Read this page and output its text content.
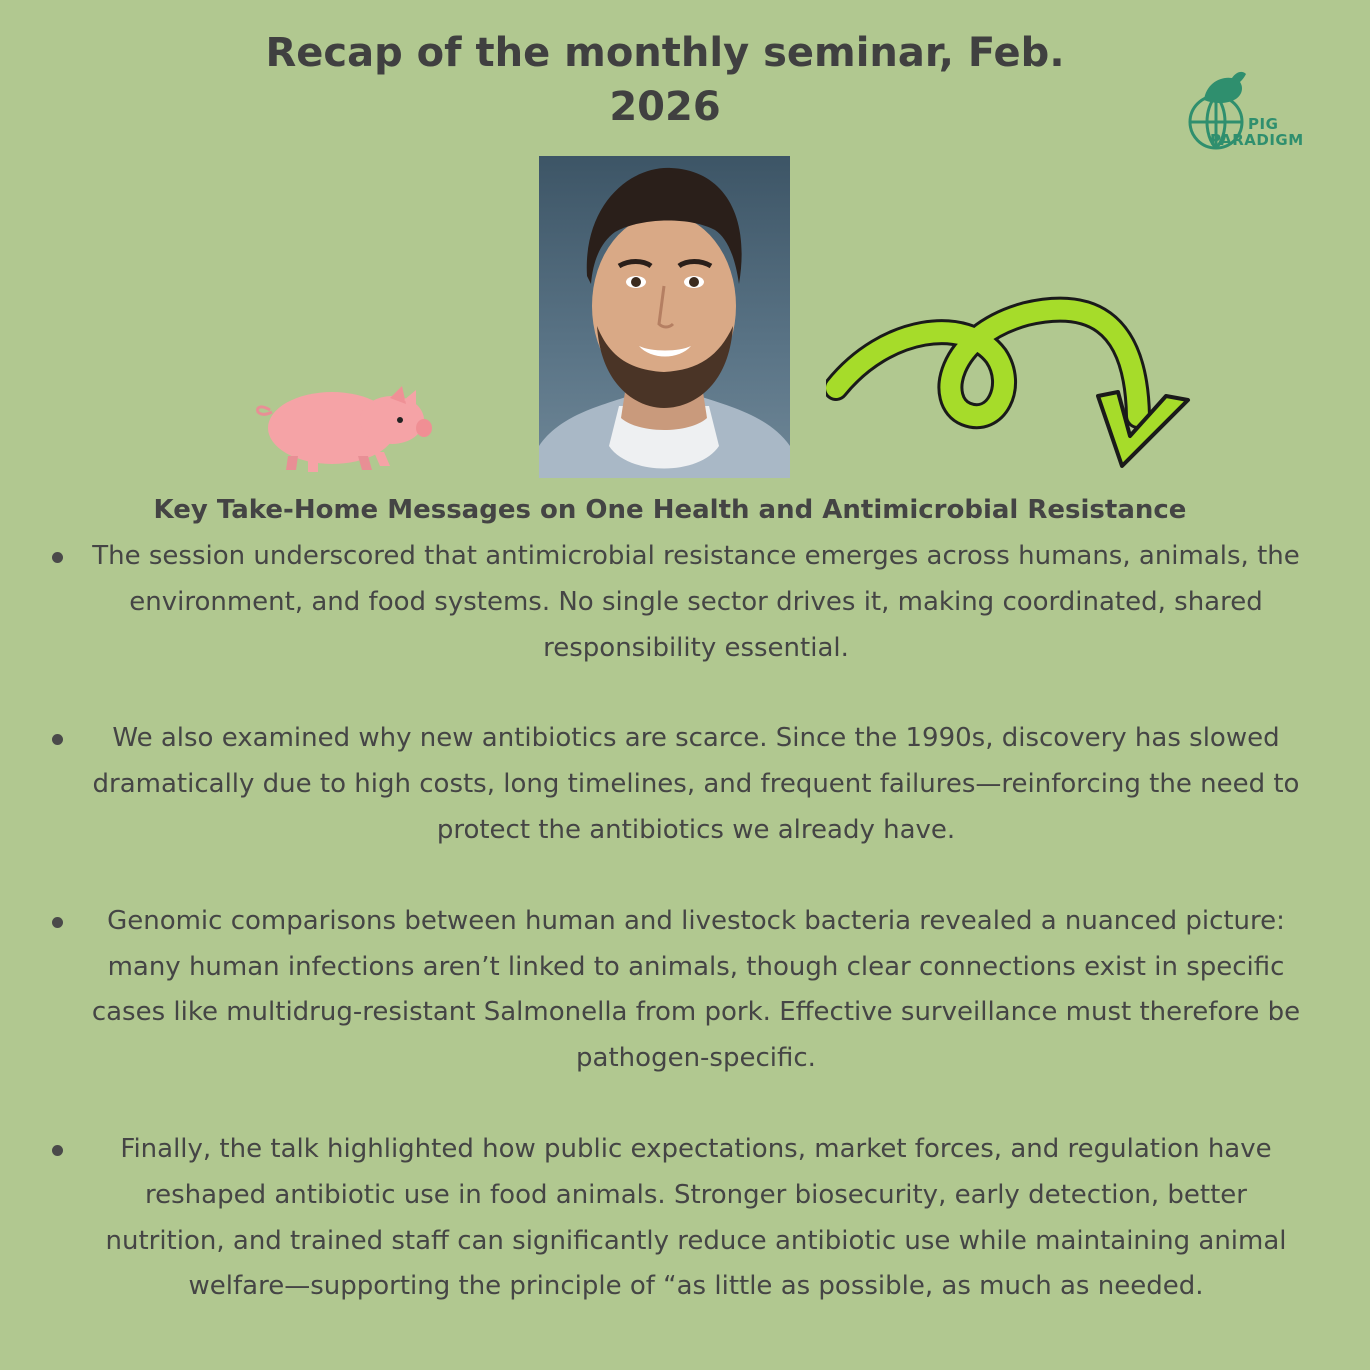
Recap of the monthly seminar, Feb. 2026	PIG
PARADIGM
Key Take-Home Messages on One Health and Antimicrobial Resistance
The session underscored that antimicrobial resistance emerges across humans, animals, the environment, and food systems. No single sector drives it, making coordinated, shared responsibility essential.
We also examined why new antibiotics are scarce. Since the 1990s, discovery has slowed dramatically due to high costs, long timelines, and frequent failures—reinforcing the need to protect the antibiotics we already have.
Genomic comparisons between human and livestock bacteria revealed a nuanced picture: many human infections aren’t linked to animals, though clear connections exist in specific cases like multidrug-resistant Salmonella from pork. Effective surveillance must therefore be pathogen-specific.
Finally, the talk highlighted how public expectations, market forces, and regulation have reshaped antibiotic use in food animals. Stronger biosecurity, early detection, better nutrition, and trained staff can significantly reduce antibiotic use while maintaining animal welfare—supporting the principle of “as little as possible, as much as needed.
